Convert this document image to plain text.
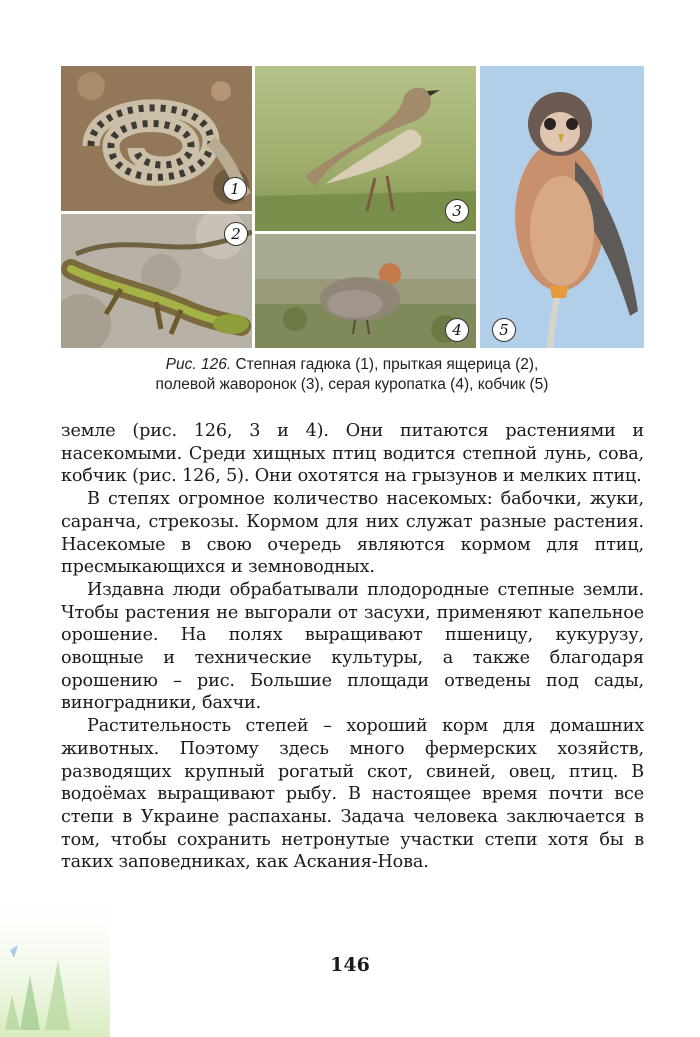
1
2
3
4	5
Рис. 126. Степная гадюка (1), прыткая ящерица (2),
полевой жаворонок (3), серая куропатка (4), кобчик (5)

земле (рис. 126, 3 и 4). Они питаются растениями и насекомыми. Среди хищных птиц водится степной лунь, сова, кобчик (рис. 126, 5). Они охотятся на грызунов и мелких птиц.

В степях огромное количество насекомых: бабочки, жуки, саранча, стрекозы. Кормом для них служат разные растения. Насекомые в свою очередь являются кормом для птиц, пресмыкающихся и земноводных.

Издавна люди обрабатывали плодородные степные земли. Чтобы растения не выгорали от засухи, применяют капельное орошение. На полях выращивают пшеницу, кукурузу, овощные и технические культуры, а также благодаря орошению – рис. Большие площади отведены под сады, виноградники, бахчи.

Растительность степей – хороший корм для домашних животных. Поэтому здесь много фермерских хозяйств, разводящих крупный рогатый скот, свиней, овец, птиц. В водоёмах выращивают рыбу. В настоящее время почти все степи в Украине распаханы. Задача человека заключается в том, чтобы сохранить нетронутые участки степи хотя бы в таких заповедниках, как Аскания-Нова.

146
